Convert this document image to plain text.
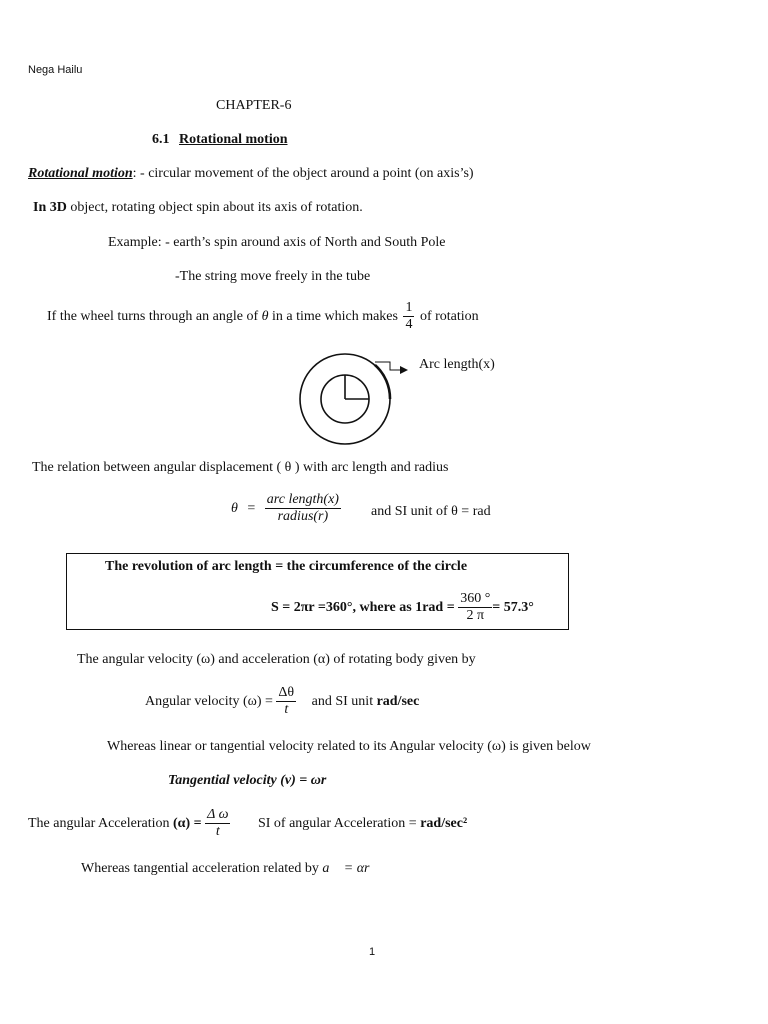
Nega Hailu
CHAPTER-6
6.1 Rotational motion
Rotational motion: - circular movement of the object around a point (on axis’s)
In 3D object, rotating object spin about its axis of rotation.
Example: - earth’s spin around axis of North and South Pole
-The string move freely in the tube
If the wheel turns through an angle of θ in a time which makes $\frac{1}{4}$ of rotation
Arc length(x)
The relation between angular displacement ( θ ) with arc length and radius
$\theta = \frac{\text{arc length(x)}}{\text{radius(r)}}$ and SI unit of θ = rad
The revolution of arc length = the circumference of the circle
S = 2πr =360°, where as $1rad = \frac{360 ^\circ}{2 \pi} = 57.3^\circ$
The angular velocity (ω) and acceleration (α) of rotating body given by
Angular velocity $(\omega) = \frac{\Delta\theta}{t}$ and SI unit rad/sec
Whereas linear or tangential velocity related to its Angular velocity (ω) is given below
Tangential velocity (v) = ωr
The angular Acceleration $(\alpha) = \frac{\text{Δ ω}}{t}$ SI of angular Acceleration = rad/sec²
Whereas tangential acceleration related by a⃗ = αr
1
